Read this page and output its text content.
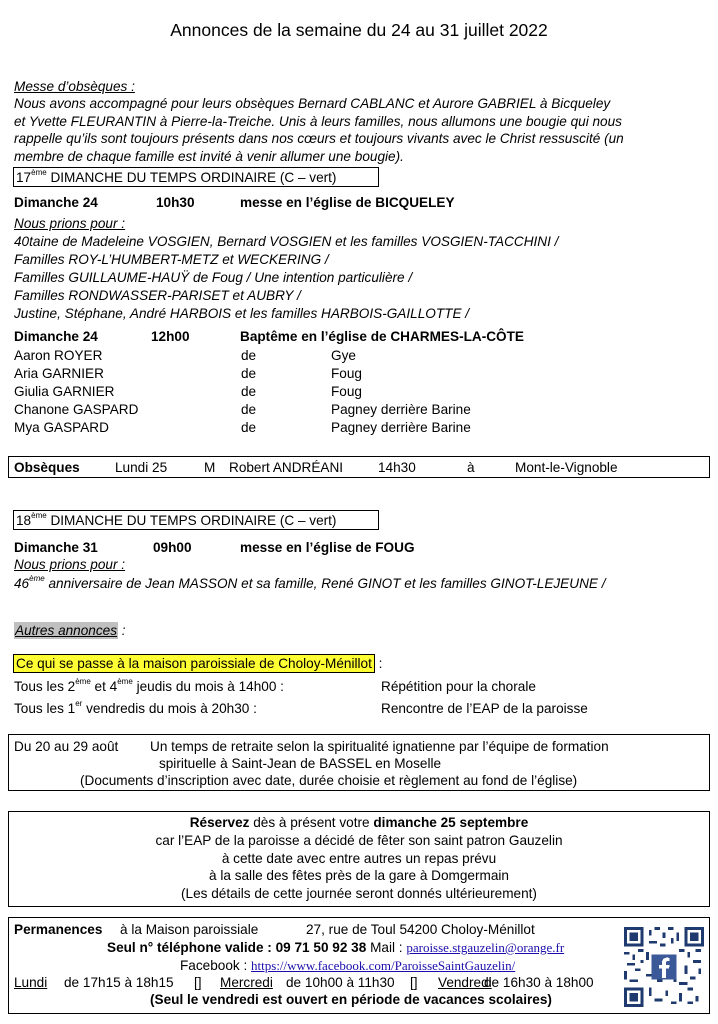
Annonces de la semaine du 24 au 31 juillet 2022
Messe d’obsèques :
Nous avons accompagné pour leurs obsèques Bernard CABLANC et Aurore GABRIEL à Bicqueley
et Yvette FLEURANTIN à Pierre-la-Treiche. Unis à leurs familles, nous allumons une bougie qui nous
rappelle qu’ils sont toujours présents dans nos cœurs et toujours vivants avec le Christ ressuscité (un
membre de chaque famille est invité à venir allumer une bougie).
17ème DIMANCHE DU TEMPS ORDINAIRE (C – vert)
Dimanche 24	10h30	messe en l’église de BICQUELEY
Nous prions pour :
40taine de Madeleine VOSGIEN, Bernard VOSGIEN et les familles VOSGIEN-TACCHINI /
Familles ROY-L’HUMBERT-METZ et WECKERING /
Familles GUILLAUME-HAUŸ de Foug / Une intention particulière /
Familles RONDWASSER-PARISET et AUBRY /
Justine, Stéphane, André HARBOIS et les familles HARBOIS-GAILLOTTE /
Dimanche 24	12h00	Baptême en l’église de CHARMES-LA-CÔTE
Aaron ROYER	de	Gye
Aria GARNIER	de	Foug
Giulia GARNIER	de	Foug
Chanone GASPARD	de	Pagney derrière Barine
Mya GASPARD	de	Pagney derrière Barine
Obsèques	Lundi 25	M Robert ANDRÉANI	14h30	à	Mont-le-Vignoble
18ème DIMANCHE DU TEMPS ORDINAIRE (C – vert)
Dimanche 31	09h00	messe en l’église de FOUG
Nous prions pour :
46ème anniversaire de Jean MASSON et sa famille, René GINOT et les familles GINOT-LEJEUNE /
Autres annonces :
Ce qui se passe à la maison paroissiale de Choloy-Ménillot :
Tous les 2ème et 4ème jeudis du mois à 14h00 :	Répétition pour la chorale
Tous les 1er vendredis du mois à 20h30 :	Rencontre de l’EAP de la paroisse
Du 20 au 29 août Un temps de retraite selon la spiritualité ignatienne par l’équipe de formation
spirituelle à Saint-Jean de BASSEL en Moselle
(Documents d’inscription avec date, durée choisie et règlement au fond de l’église)
Réservez dès à présent votre dimanche 25 septembre
car l’EAP de la paroisse a décidé de fêter son saint patron Gauzelin
à cette date avec entre autres un repas prévu
à la salle des fêtes près de la gare à Domgermain
(Les détails de cette journée seront donnés ultérieurement)
Permanences à la Maison paroissiale	27, rue de Toul 54200 Choloy-Ménillot
Seul n° téléphone valide : 09 71 50 92 38 Mail : paroisse.stgauzelin@orange.fr
Facebook : https://www.facebook.com/ParoisseSaintGauzelin/
Lundi de 17h15 à 18h15 [] Mercredi de 10h00 à 11h30 [] Vendredi
de 16h30 à 18h00
(Seul le vendredi est ouvert en période de vacances scolaires)
